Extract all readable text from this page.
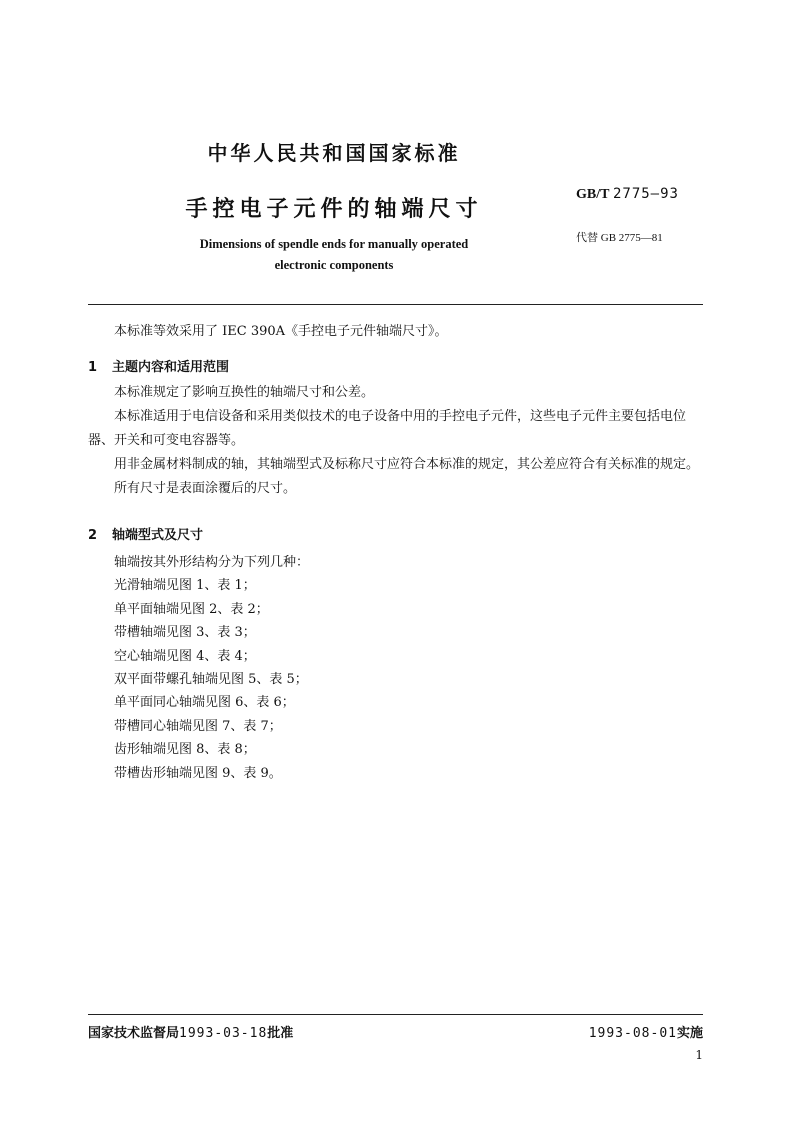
中华人民共和国国家标准
手控电子元件的轴端尺寸
Dimensions of spendle ends for manually operated
electronic components
GB/T 2775—93
代替 GB 2775—81
本标准等效采用了 IEC 390A《手控电子元件轴端尺寸》。
1 主题内容和适用范围

本标准规定了影响互换性的轴端尺寸和公差。

本标准适用于电信设备和采用类似技术的电子设备中用的手控电子元件，这些电子元件主要包括电位器、开关和可变电容器等。

用非金属材料制成的轴，其轴端型式及标称尺寸应符合本标准的规定，其公差应符合有关标准的规定。

所有尺寸是表面涂覆后的尺寸。

2 轴端型式及尺寸
轴端按其外形结构分为下列几种：
光滑轴端见图 1、表 1；
单平面轴端见图 2、表 2；
带槽轴端见图 3、表 3；
空心轴端见图 4、表 4；
双平面带螺孔轴端见图 5、表 5；
单平面同心轴端见图 6、表 6；
带槽同心轴端见图 7、表 7；
齿形轴端见图 8、表 8；
带槽齿形轴端见图 9、表 9。
国家技术监督局1993-03-18批准	1993-08-01实施
1
